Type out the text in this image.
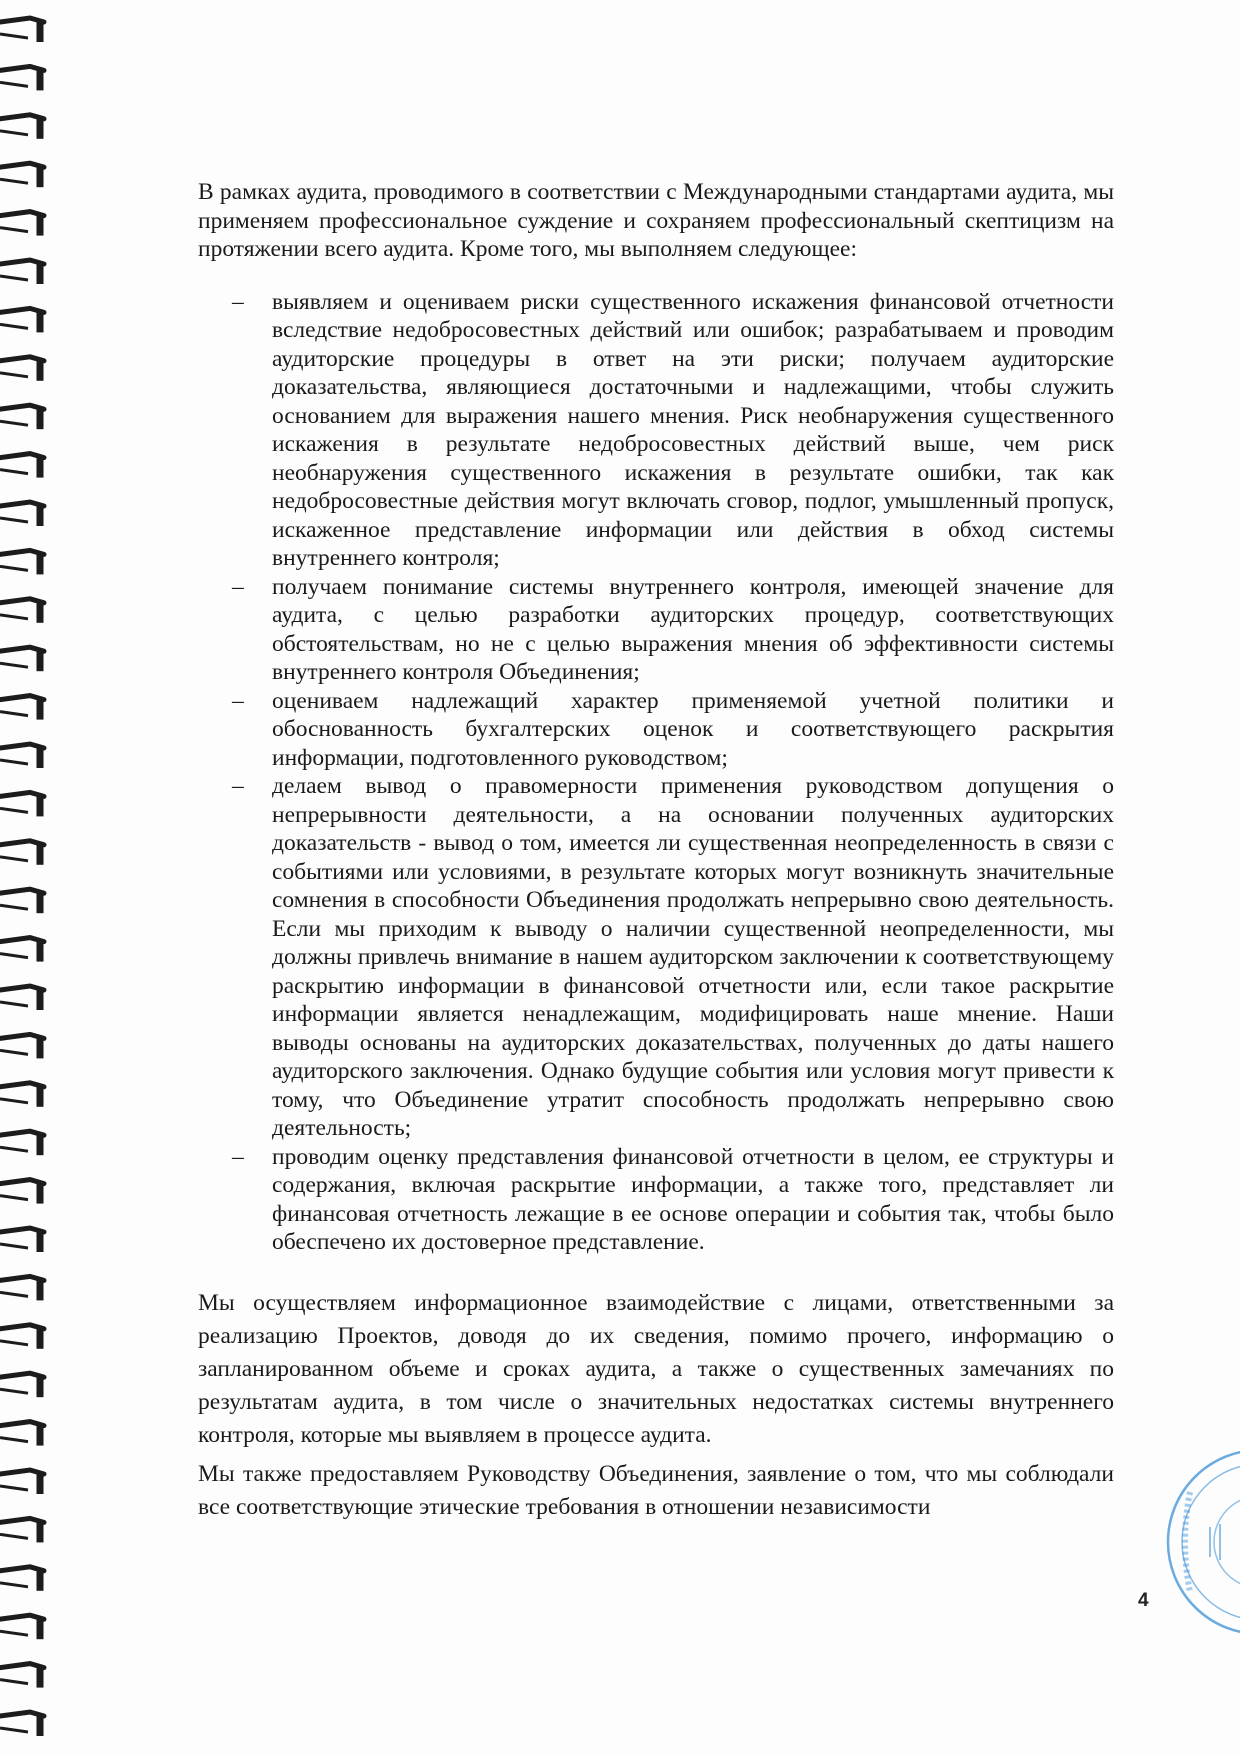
В рамках аудита, проводимого в соответствии с Международными стандартами аудита, мы применяем профессиональное суждение и сохраняем профессиональный скептицизм на протяжении всего аудита. Кроме того, мы выполняем следующее:

– выявляем и оцениваем риски существенного искажения финансовой отчетности вследствие недобросовестных действий или ошибок; разрабатываем и проводим аудиторские процедуры в ответ на эти риски; получаем аудиторские доказательства, являющиеся достаточными и надлежащими, чтобы служить основанием для выражения нашего мнения. Риск необнаружения существенного искажения в результате недобросовестных действий выше, чем риск необнаружения существенного искажения в результате ошибки, так как недобросовестные действия могут включать сговор, подлог, умышленный пропуск, искаженное представление информации или действия в обход системы внутреннего контроля;
– получаем понимание системы внутреннего контроля, имеющей значение для аудита, с целью разработки аудиторских процедур, соответствующих обстоятельствам, но не с целью выражения мнения об эффективности системы внутреннего контроля Объединения;
– оцениваем надлежащий характер применяемой учетной политики и обоснованность бухгалтерских оценок и соответствующего раскрытия информации, подготовленного руководством;
– делаем вывод о правомерности применения руководством допущения о непрерывности деятельности, а на основании полученных аудиторских доказательств - вывод о том, имеется ли существенная неопределенность в связи с событиями или условиями, в результате которых могут возникнуть значительные сомнения в способности Объединения продолжать непрерывно свою деятельность. Если мы приходим к выводу о наличии существенной неопределенности, мы должны привлечь внимание в нашем аудиторском заключении к соответствующему раскрытию информации в финансовой отчетности или, если такое раскрытие информации является ненадлежащим, модифицировать наше мнение. Наши выводы основаны на аудиторских доказательствах, полученных до даты нашего аудиторского заключения. Однако будущие события или условия могут привести к тому, что Объединение утратит способность продолжать непрерывно свою деятельность;
– проводим оценку представления финансовой отчетности в целом, ее структуры и содержания, включая раскрытие информации, а также того, представляет ли финансовая отчетность лежащие в ее основе операции и события так, чтобы было обеспечено их достоверное представление.

Мы осуществляем информационное взаимодействие с лицами, ответственными за реализацию Проектов, доводя до их сведения, помимо прочего, информацию о запланированном объеме и сроках аудита, а также о существенных замечаниях по результатам аудита, в том числе о значительных недостатках системы внутреннего контроля, которые мы выявляем в процессе аудита.

Мы также предоставляем Руководству Объединения, заявление о том, что мы соблюдали все соответствующие этические требования в отношении независимости

4
